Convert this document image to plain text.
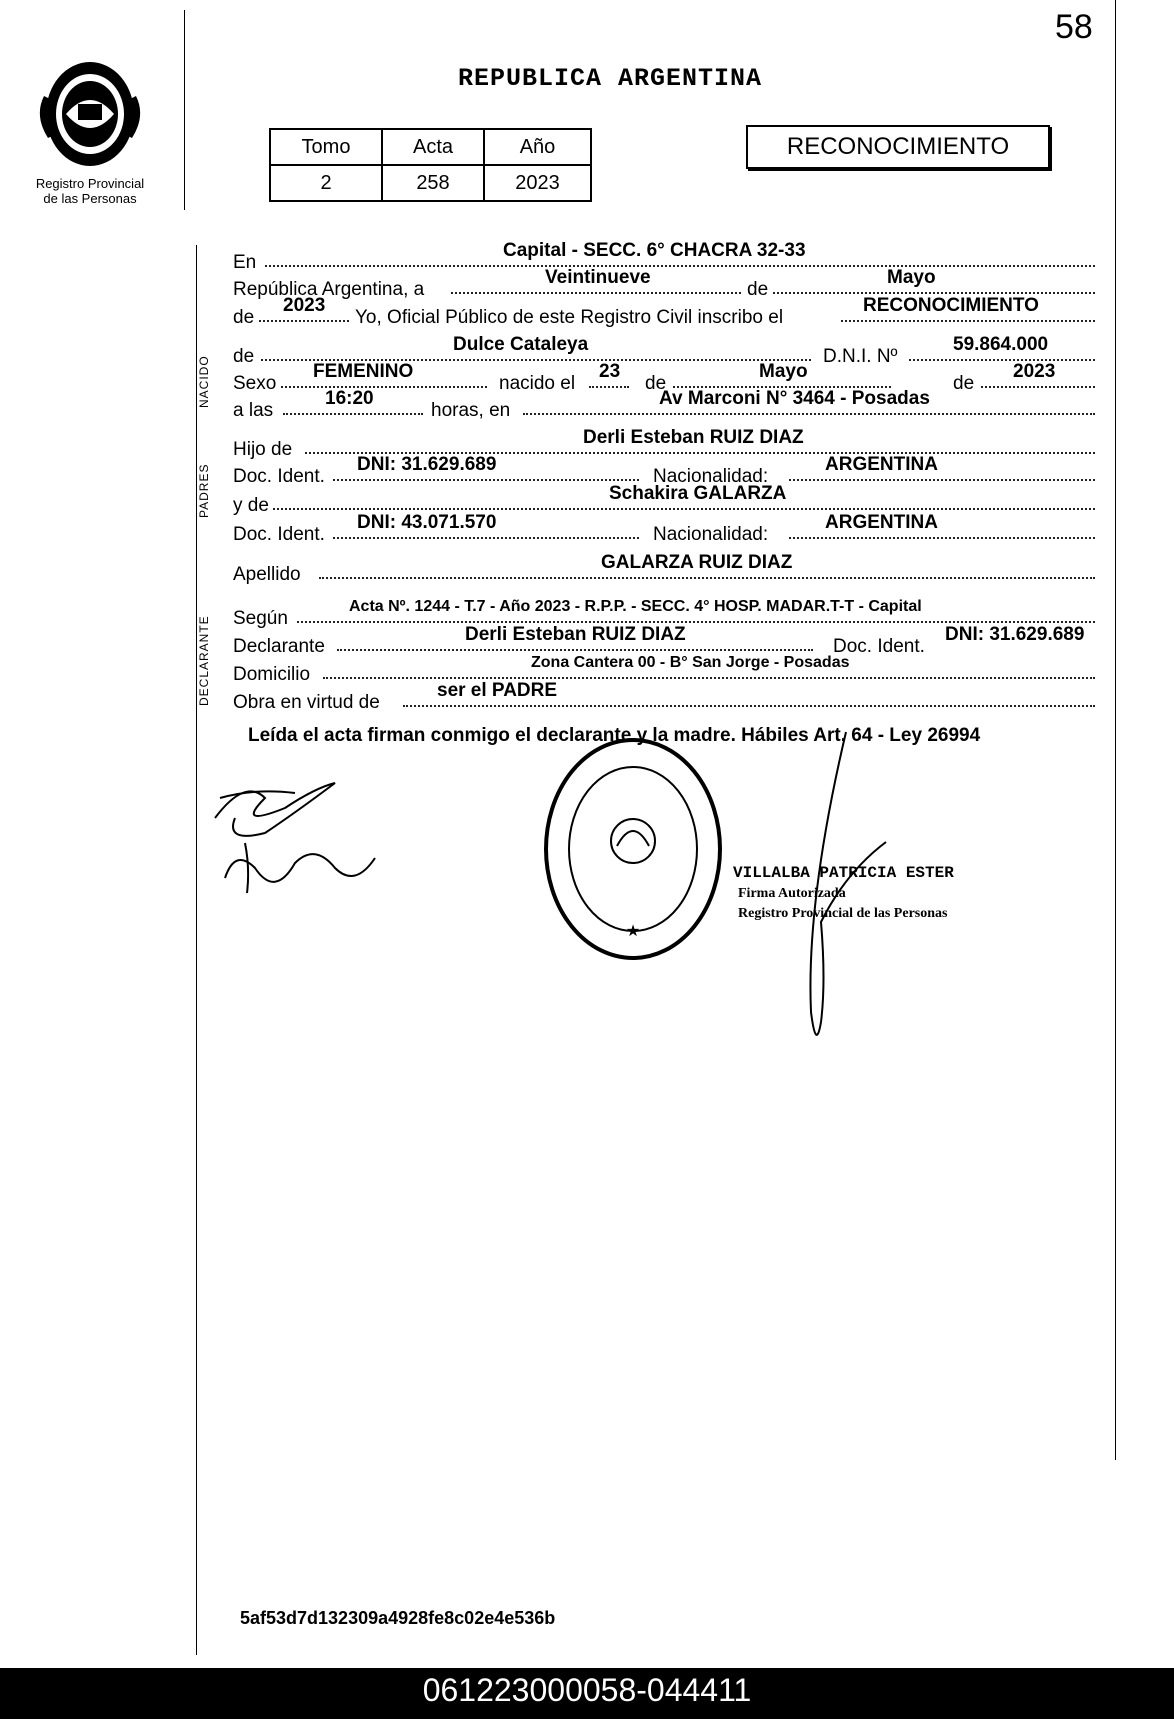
58
Registro Provincial
de las Personas
REPUBLICA ARGENTINA
Tomo	Acta	Año
2	258	2023
RECONOCIMIENTO
NACIDO
PADRES
DECLARANTE
En
Capital - SECC. 6° CHACRA 32-33
República Argentina, a
Veintinueve
de
Mayo
de
2023
Yo, Oficial Público de este Registro Civil inscribo el
RECONOCIMIENTO
de
Dulce Cataleya
D.N.I. Nº
59.864.000
Sexo
FEMENINO
nacido el
23
de
Mayo
de
2023
a las
16:20
horas, en
Av Marconi N° 3464 - Posadas
Hijo de
Derli Esteban RUIZ DIAZ
Doc. Ident.
DNI: 31.629.689
Nacionalidad:
ARGENTINA
y de
Schakira GALARZA
Doc. Ident.
DNI: 43.071.570
Nacionalidad:
ARGENTINA
Apellido
GALARZA RUIZ DIAZ
Según
Acta Nº. 1244 - T.7 - Año 2023 - R.P.P. - SECC. 4° HOSP. MADAR.T-T - Capital
Declarante
Derli Esteban RUIZ DIAZ
Doc. Ident.
DNI: 31.629.689
Domicilio
Zona Cantera 00 - B° San Jorge - Posadas
Obra en virtud de
ser el PADRE
Leída el acta firman conmigo el declarante y la madre. Hábiles Art. 64 - Ley 26994
★
VILLALBA PATRICIA ESTER
Firma Autorizada
Registro Provincial de las Personas
5af53d7d132309a4928fe8c02e4e536b
061223000058-044411
